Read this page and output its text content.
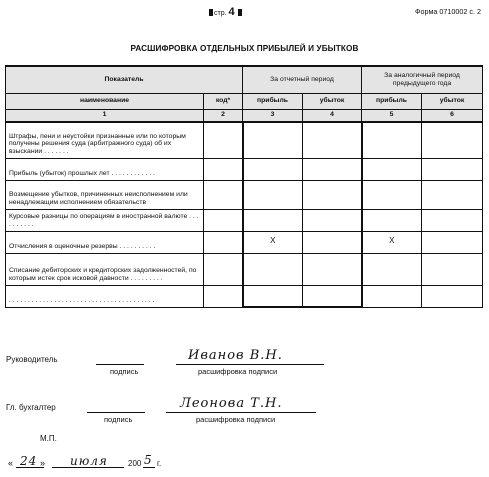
стр. 4	Форма 0710002 с. 2
РАСШИФРОВКА ОТДЕЛЬНЫХ ПРИБЫЛЕЙ И УБЫТКОВ
Показатель		За отчетный период		За аналогичный период предыдущего года	
наименование	код*	прибыль	убыток	прибыль	убыток
1	2	3	4	5	6
Штрафы, пени и неустойки признанные или по которым получены решения суда (арбитражного суда) об их взыскании . . . . . . .					
Прибыль (убыток) прошлых лет . . . . . . . . . . . .					
Возмещение убытков, причиненных неисполнением или ненадлежащим исполнением обязательств					
Курсовые разницы по операциям в иностранной валюте . . . . . . . . . .					
Отчисления в оценочные резервы . . . . . . . . . .		X		X	
Списание дебиторских и кредиторских задолженностей, по которым истек срок исковой давности . . . . . . . . .					
. . . . . . . . . . . . . . . . . . . . . . . . . . . . . . . . . . . . . . .					
Руководитель
подпись
Иванов В.Н.
расшифровка подписи
Гл. бухгалтер
подпись
Леонова Т.Н.
расшифровка подписи
М.П.
« 24 » июля	200 5 г.
